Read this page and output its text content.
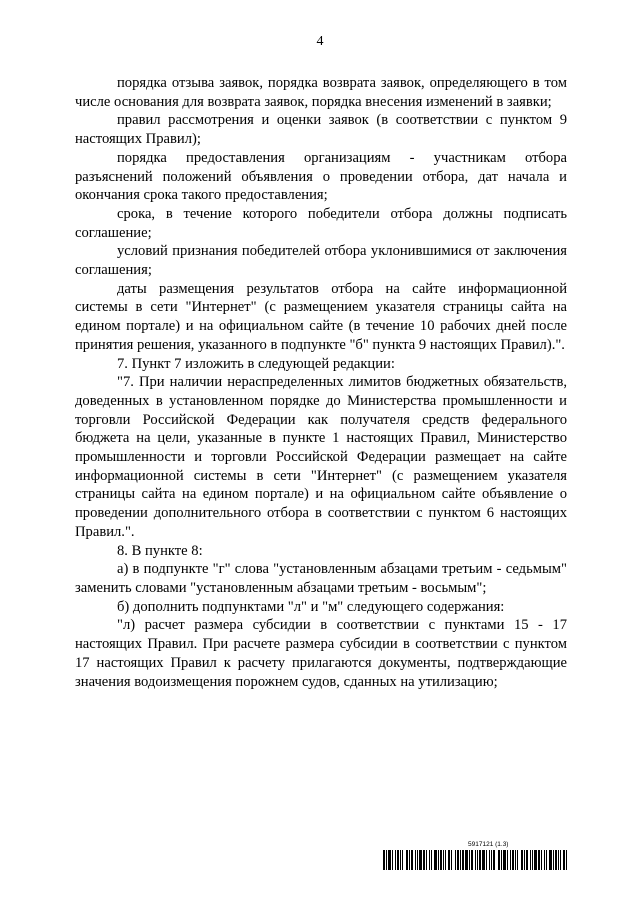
4

порядка отзыва заявок, порядка возврата заявок, определяющего в том числе основания для возврата заявок, порядка внесения изменений в заявки;

правил рассмотрения и оценки заявок (в соответствии с пунктом 9 настоящих Правил);

порядка предоставления организациям - участникам отбора разъяснений положений объявления о проведении отбора, дат начала и окончания срока такого предоставления;

срока, в течение которого победители отбора должны подписать соглашение;

условий признания победителей отбора уклонившимися от заключения соглашения;

даты размещения результатов отбора на сайте информационной системы в сети "Интернет" (с размещением указателя страницы сайта на едином портале) и на официальном сайте (в течение 10 рабочих дней после принятия решения, указанного в подпункте "б" пункта 9 настоящих Правил).".

7. Пункт 7 изложить в следующей редакции:

"7. При наличии нераспределенных лимитов бюджетных обязательств, доведенных в установленном порядке до Министерства промышленности и торговли Российской Федерации как получателя средств федерального бюджета на цели, указанные в пункте 1 настоящих Правил, Министерство промышленности и торговли Российской Федерации размещает на сайте информационной системы в сети "Интернет" (с размещением указателя страницы сайта на едином портале) и на официальном сайте объявление о проведении дополнительного отбора в соответствии с пунктом 6 настоящих Правил.".

8. В пункте 8:

а) в подпункте "г" слова "установленным абзацами третьим - седьмым" заменить словами "установленным абзацами третьим - восьмым";

б) дополнить подпунктами "л" и "м" следующего содержания:

"л) расчет размера субсидии в соответствии с пунктами 15 - 17 настоящих Правил. При расчете размера субсидии в соответствии с пунктом 17 настоящих Правил к расчету прилагаются документы, подтверждающие значения водоизмещения порожнем судов, сданных на утилизацию;

5917121 (1.3)
